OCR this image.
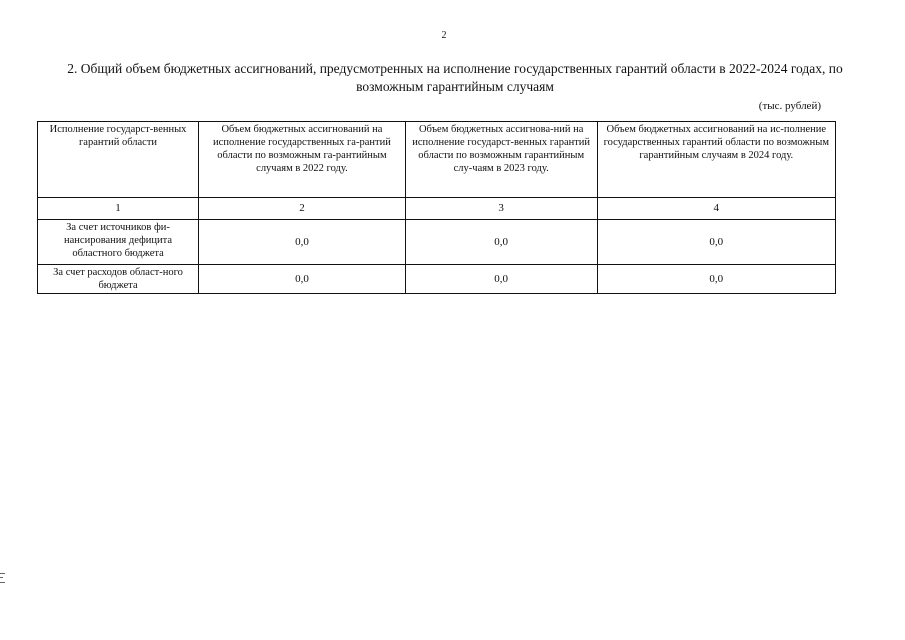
2
2. Общий объем бюджетных ассигнований, предусмотренных на исполнение государственных гарантий области в 2022-2024 годах, по возможным гарантийным случаям
(тыс. рублей)
Исполнение государст-венных гарантий области	Объем бюджетных ассигнований на исполнение государственных га-рантий области по возможным га-рантийным случаям в 2022 году.	Объем бюджетных ассигнова-ний на исполнение государст-венных гарантий области по возможным гарантийным слу-чаям в 2023 году.	Объем бюджетных ассигнований на ис-полнение государственных гарантий области по возможным гарантийным случаям в 2024 году.
1	2	3	4
За счет источников фи-нансирования дефицита областного бюджета	0,0	0,0	0,0
За счет расходов област-ного бюджета	0,0	0,0	0,0
